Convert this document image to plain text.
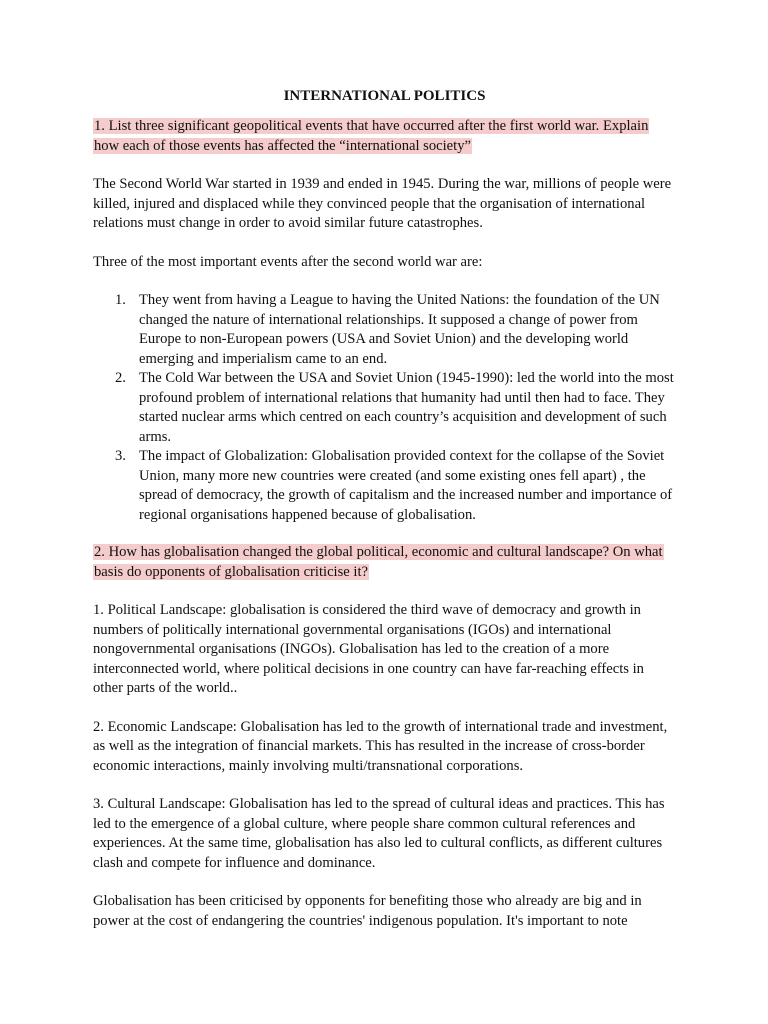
INTERNATIONAL POLITICS
1. List three significant geopolitical events that have occurred after the first world war. Explain how each of those events has affected the “international society”
The Second World War started in 1939 and ended in 1945. During the war, millions of people were killed, injured and displaced while they convinced people that the organisation of international relations must change in order to avoid similar future catastrophes.
Three of the most important events after the second world war are:
1. They went from having a League to having the United Nations: the foundation of the UN changed the nature of international relationships. It supposed a change of power from Europe to non-European powers (USA and Soviet Union) and the developing world emerging and imperialism came to an end.
2. The Cold War between the USA and Soviet Union (1945-1990): led the world into the most profound problem of international relations that humanity had until then had to face. They started nuclear arms which centred on each country’s acquisition and development of such arms.
3. The impact of Globalization: Globalisation provided context for the collapse of the Soviet Union, many more new countries were created (and some existing ones fell apart) , the spread of democracy, the growth of capitalism and the increased number and importance of regional organisations happened because of globalisation.
2. How has globalisation changed the global political, economic and cultural landscape? On what basis do opponents of globalisation criticise it?
1. Political Landscape: globalisation is considered the third wave of democracy and growth in numbers of politically international governmental organisations (IGOs) and international nongovernmental organisations (INGOs). Globalisation has led to the creation of a more interconnected world, where political decisions in one country can have far-reaching effects in other parts of the world..
2. Economic Landscape: Globalisation has led to the growth of international trade and investment, as well as the integration of financial markets. This has resulted in the increase of cross-border economic interactions, mainly involving multi/transnational corporations.
3. Cultural Landscape: Globalisation has led to the spread of cultural ideas and practices. This has led to the emergence of a global culture, where people share common cultural references and experiences. At the same time, globalisation has also led to cultural conflicts, as different cultures clash and compete for influence and dominance.
Globalisation has been criticised by opponents for benefiting those who already are big and in power at the cost of endangering the countries' indigenous population. It's important to note
